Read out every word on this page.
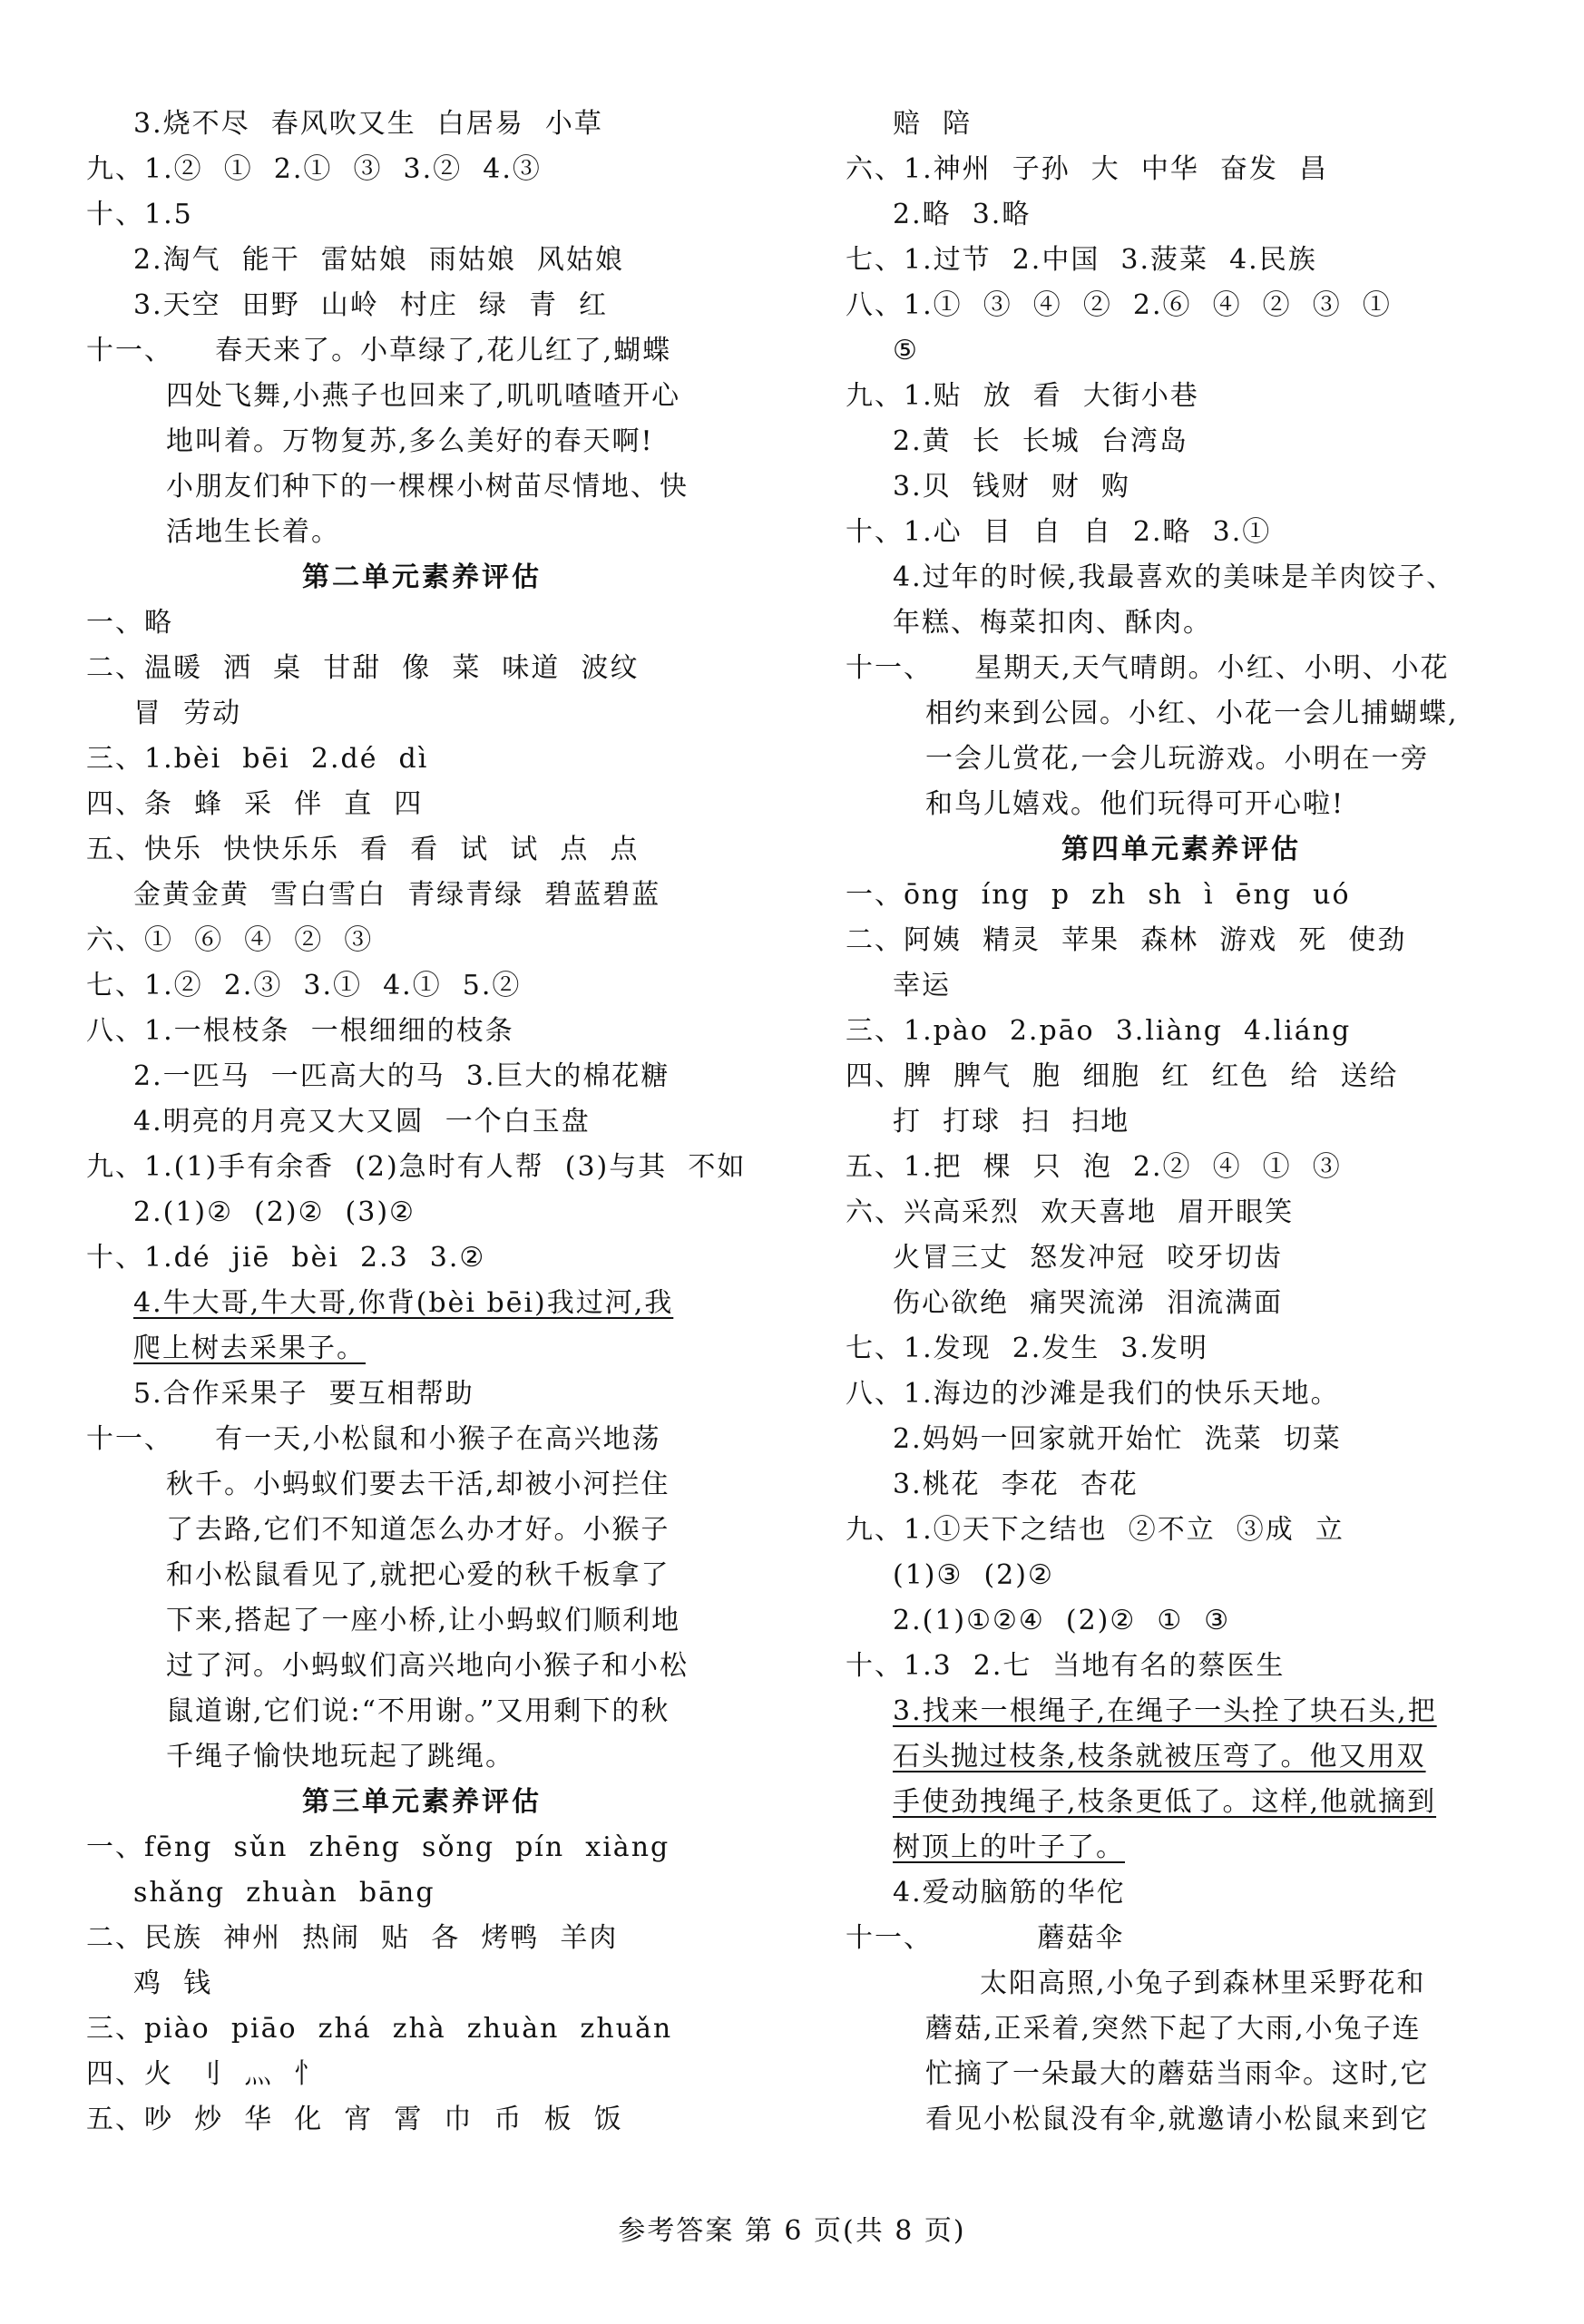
3.烧不尽  春风吹又生  白居易  小草
九、1.②  ①  2.①  ③  3.②  4.③
十、1.5
2.淘气  能干  雷姑娘  雨姑娘  风姑娘
3.天空  田野  山岭  村庄  绿  青  红
十一、    春天来了。小草绿了,花儿红了,蝴蝶
四处飞舞,小燕子也回来了,叽叽喳喳开心
地叫着。万物复苏,多么美好的春天啊!
小朋友们种下的一棵棵小树苗尽情地、快
活地生长着。
第二单元素养评估
一、略
二、温暖  洒  桌  甘甜  像  菜  味道  波纹
冒  劳动
三、1.bèi  bēi  2.dé  dì
四、条  蜂  采  伴  直  四
五、快乐  快快乐乐  看  看  试  试  点  点
金黄金黄  雪白雪白  青绿青绿  碧蓝碧蓝
六、①  ⑥  ④  ②  ③
七、1.②  2.③  3.①  4.①  5.②
八、1.一根枝条  一根细细的枝条
2.一匹马  一匹高大的马  3.巨大的棉花糖
4.明亮的月亮又大又圆  一个白玉盘
九、1.(1)手有余香  (2)急时有人帮  (3)与其  不如
2.(1)②  (2)②  (3)②
十、1.dé  jiē  bèi  2.3  3.②
4.牛大哥,牛大哥,你背(bèi bēi)我过河,我
爬上树去采果子。
5.合作采果子  要互相帮助
十一、    有一天,小松鼠和小猴子在高兴地荡
秋千。小蚂蚁们要去干活,却被小河拦住
了去路,它们不知道怎么办才好。小猴子
和小松鼠看见了,就把心爱的秋千板拿了
下来,搭起了一座小桥,让小蚂蚁们顺利地
过了河。小蚂蚁们高兴地向小猴子和小松
鼠道谢,它们说:“不用谢。”又用剩下的秋
千绳子愉快地玩起了跳绳。
第三单元素养评估
一、fēng  sǔn  zhēng  sǒng  pín  xiàng
shǎng  zhuàn  bāng
二、民族  神州  热闹  贴  各  烤鸭  羊肉
鸡  钱
三、piào  piāo  zhá  zhà  zhuàn  zhuǎn
四、火  刂  灬  忄
五、吵  炒  华  化  宵  霄  巾  币  板  饭
赔  陪
六、1.神州  子孙  大  中华  奋发  昌
2.略  3.略
七、1.过节  2.中国  3.菠菜  4.民族
八、1.①  ③  ④  ②  2.⑥  ④  ②  ③  ①
⑤
九、1.贴  放  看  大街小巷
2.黄  长  长城  台湾岛
3.贝  钱财  财  购
十、1.心  目  自  自  2.略  3.①
4.过年的时候,我最喜欢的美味是羊肉饺子、
年糕、梅菜扣肉、酥肉。
十一、    星期天,天气晴朗。小红、小明、小花
相约来到公园。小红、小花一会儿捕蝴蝶,
一会儿赏花,一会儿玩游戏。小明在一旁
和鸟儿嬉戏。他们玩得可开心啦!
第四单元素养评估
一、ōng  íng  p  zh  sh  ì  ēng  uó
二、阿姨  精灵  苹果  森林  游戏  死  使劲
幸运
三、1.pào  2.pāo  3.liàng  4.liáng
四、脾  脾气  胞  细胞  红  红色  给  送给
打  打球  扫  扫地
五、1.把  棵  只  泡  2.②  ④  ①  ③
六、兴高采烈  欢天喜地  眉开眼笑
火冒三丈  怒发冲冠  咬牙切齿
伤心欲绝  痛哭流涕  泪流满面
七、1.发现  2.发生  3.发明
八、1.海边的沙滩是我们的快乐天地。
2.妈妈一回家就开始忙  洗菜  切菜
3.桃花  李花  杏花
九、1.①天下之结也  ②不立  ③成  立
(1)③  (2)②
2.(1)①②④  (2)②  ①  ③
十、1.3  2.七  当地有名的蔡医生
3.找来一根绳子,在绳子一头拴了块石头,把
石头抛过枝条,枝条就被压弯了。他又用双
手使劲拽绳子,枝条更低了。这样,他就摘到
树顶上的叶子了。
4.爱动脑筋的华佗
十一、          蘑菇伞
太阳高照,小兔子到森林里采野花和
蘑菇,正采着,突然下起了大雨,小兔子连
忙摘了一朵最大的蘑菇当雨伞。这时,它
看见小松鼠没有伞,就邀请小松鼠来到它
参考答案 第 6 页(共 8 页)
